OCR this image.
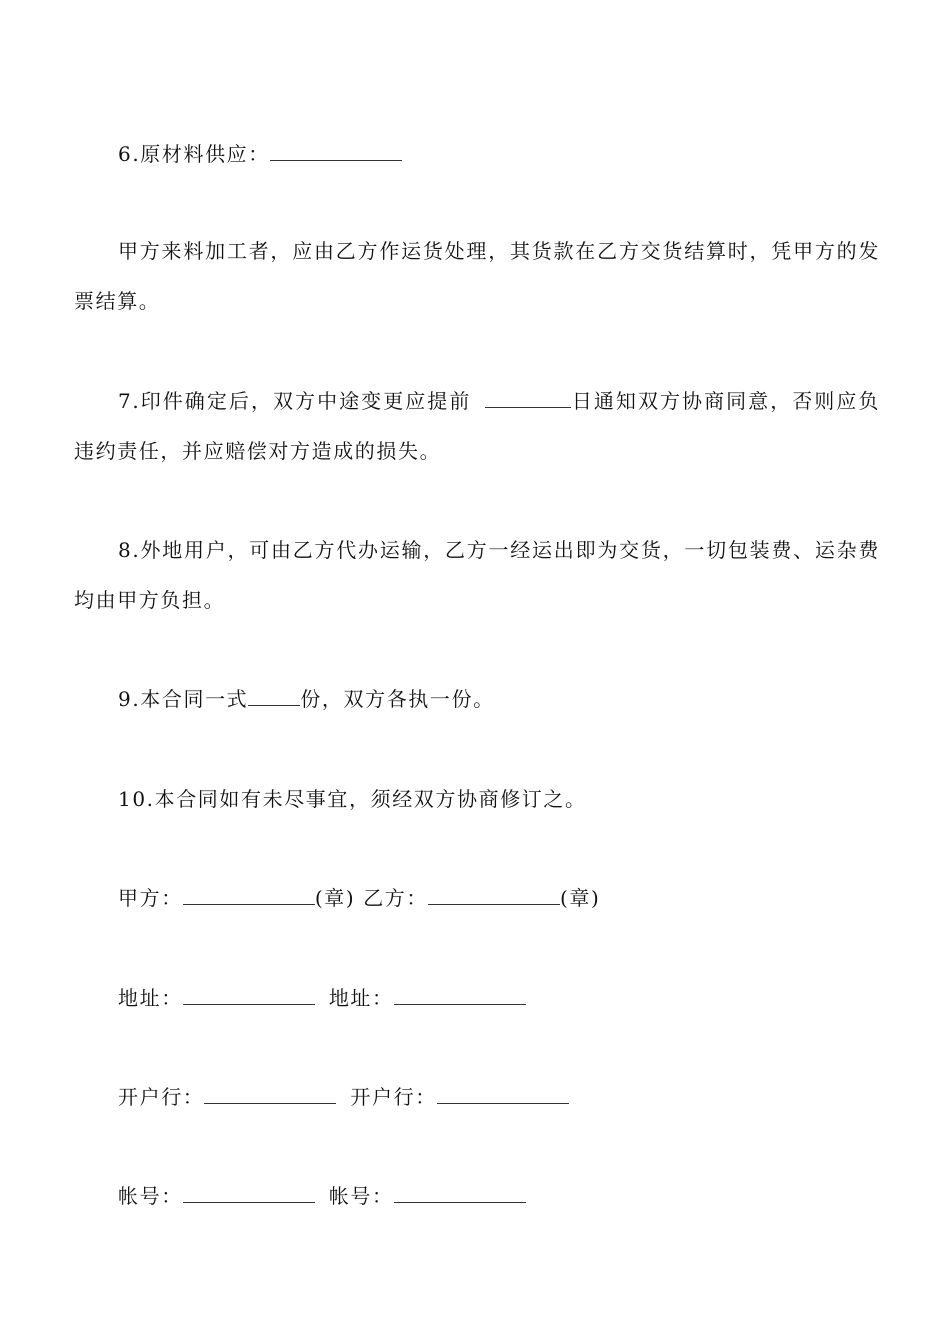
6.原材料供应：

甲方来料加工者，应由乙方作运货处理，其货款在乙方交货结算时，凭甲方的发票结算。

7.印件确定后，双方中途变更应提前	日通知双方协商同意，否则应负违约责任，并应赔偿对方造成的损失。

8.外地用户，可由乙方代办运输，乙方一经运出即为交货，一切包装费、运杂费均由甲方负担。

9.本合同一式	份，双方各执一份。

10.本合同如有未尽事宜，须经双方协商修订之。

甲方：	(章) 乙方：	(章)

地址：	地址：

开户行：	开户行：

帐号：	帐号：
